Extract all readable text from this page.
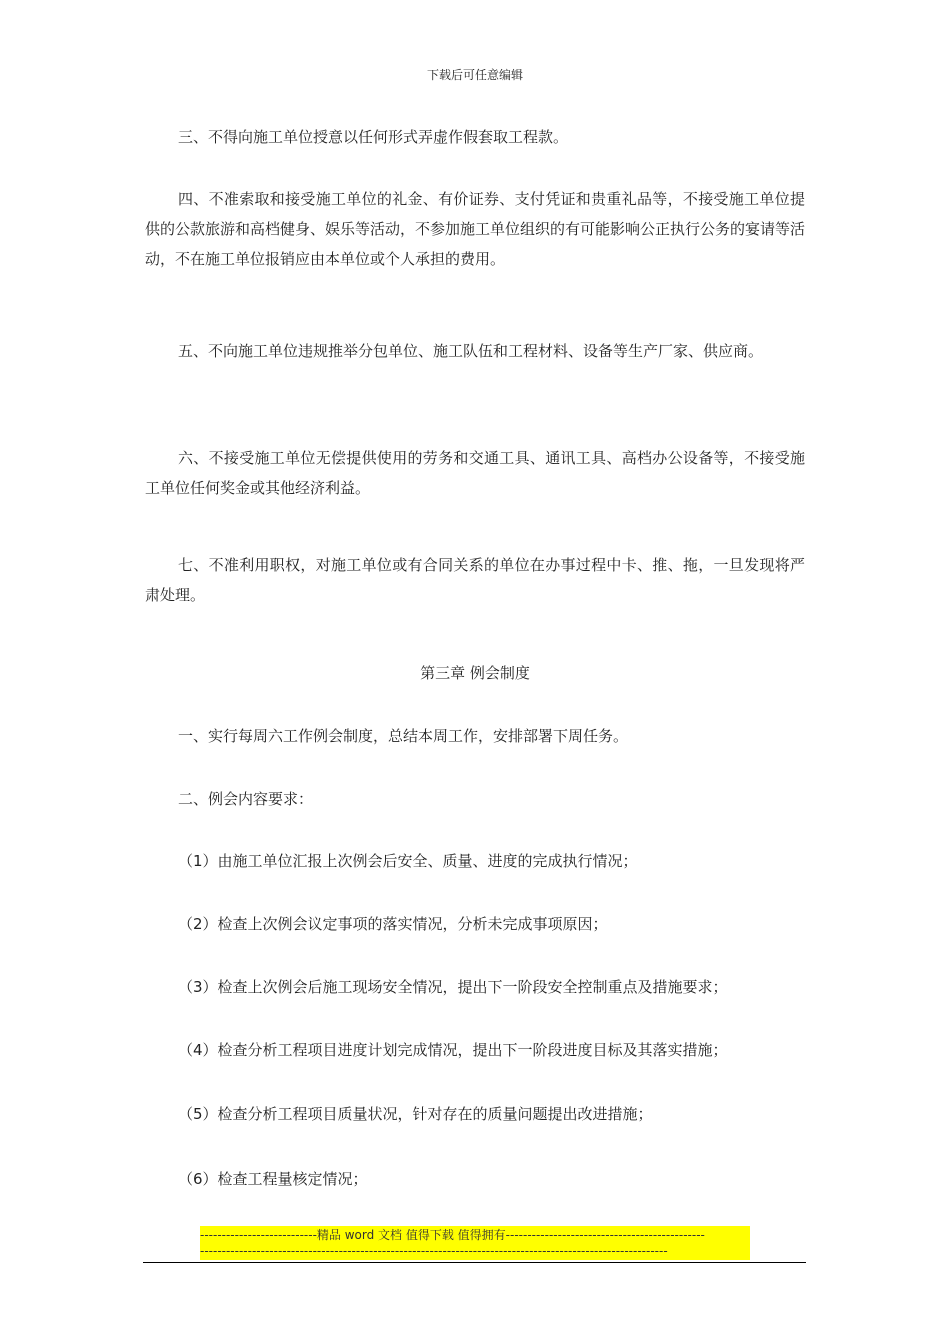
下载后可任意编辑

三、不得向施工单位授意以任何形式弄虚作假套取工程款。

四、不准索取和接受施工单位的礼金、有价证券、支付凭证和贵重礼品等，不接受施工单位提供的公款旅游和高档健身、娱乐等活动，不参加施工单位组织的有可能影响公正执行公务的宴请等活动，不在施工单位报销应由本单位或个人承担的费用。

五、不向施工单位违规推举分包单位、施工队伍和工程材料、设备等生产厂家、供应商。

六、不接受施工单位无偿提供使用的劳务和交通工具、通讯工具、高档办公设备等，不接受施工单位任何奖金或其他经济利益。

七、不准利用职权，对施工单位或有合同关系的单位在办事过程中卡、推、拖，一旦发现将严肃处理。

第三章 例会制度

一、实行每周六工作例会制度，总结本周工作，安排部署下周任务。

二、例会内容要求：

（1）由施工单位汇报上次例会后安全、质量、进度的完成执行情况；

（2）检查上次例会议定事项的落实情况，分析未完成事项原因；

（3）检查上次例会后施工现场安全情况，提出下一阶段安全控制重点及措施要求；

（4）检查分析工程项目进度计划完成情况，提出下一阶段进度目标及其落实措施；

（5）检查分析工程项目质量状况，针对存在的质量问题提出改进措施；

（6）检查工程量核定情况；

---------------------------精品 word 文档 值得下载 值得拥有----------------------------------------------
------------------------------------------------------------------------------------------------------------
